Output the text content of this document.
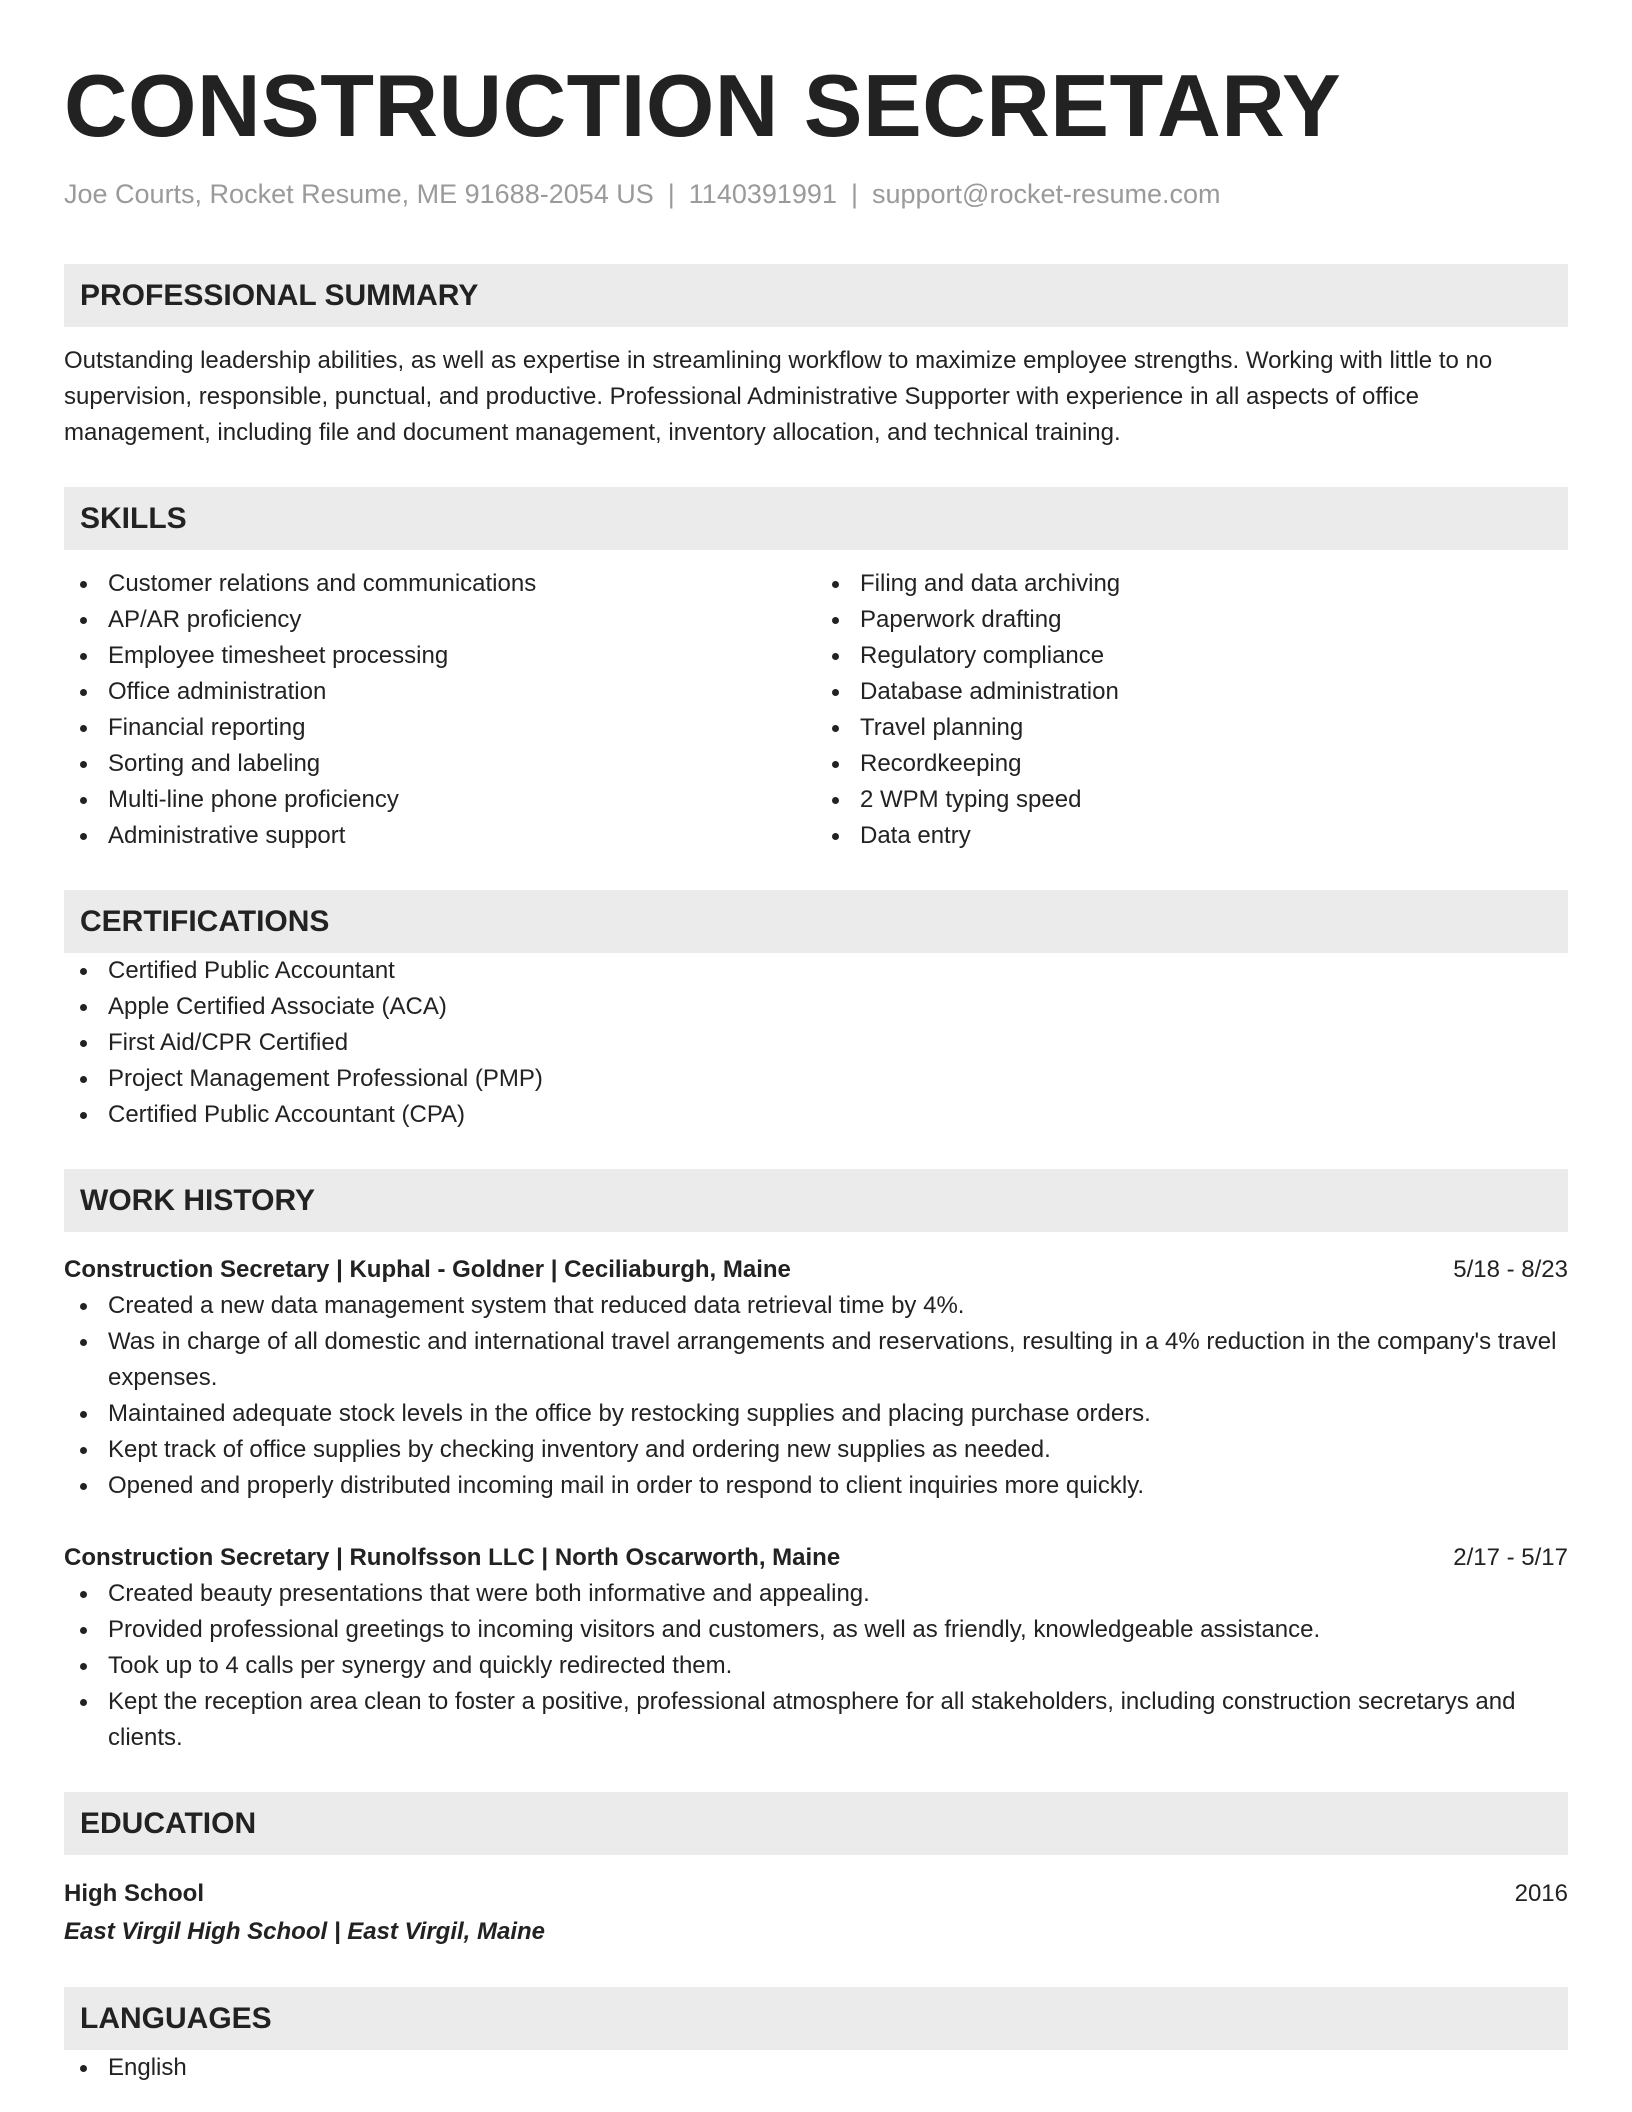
CONSTRUCTION SECRETARY
Joe Courts, Rocket Resume, ME 91688-2054 US | 1140391991 | support@rocket-resume.com
PROFESSIONAL SUMMARY
Outstanding leadership abilities, as well as expertise in streamlining workflow to maximize employee strengths. Working with little to no supervision, responsible, punctual, and productive. Professional Administrative Supporter with experience in all aspects of office management, including file and document management, inventory allocation, and technical training.
SKILLS
Customer relations and communications
AP/AR proficiency
Employee timesheet processing
Office administration
Financial reporting
Sorting and labeling
Multi-line phone proficiency
Administrative support
Filing and data archiving
Paperwork drafting
Regulatory compliance
Database administration
Travel planning
Recordkeeping
2 WPM typing speed
Data entry
CERTIFICATIONS
Certified Public Accountant
Apple Certified Associate (ACA)
First Aid/CPR Certified
Project Management Professional (PMP)
Certified Public Accountant (CPA)
WORK HISTORY
Construction Secretary | Kuphal - Goldner | Ceciliaburgh, Maine	5/18 - 8/23
Created a new data management system that reduced data retrieval time by 4%.
Was in charge of all domestic and international travel arrangements and reservations, resulting in a 4% reduction in the company's travel expenses.
Maintained adequate stock levels in the office by restocking supplies and placing purchase orders.
Kept track of office supplies by checking inventory and ordering new supplies as needed.
Opened and properly distributed incoming mail in order to respond to client inquiries more quickly.
Construction Secretary | Runolfsson LLC | North Oscarworth, Maine	2/17 - 5/17
Created beauty presentations that were both informative and appealing.
Provided professional greetings to incoming visitors and customers, as well as friendly, knowledgeable assistance.
Took up to 4 calls per synergy and quickly redirected them.
Kept the reception area clean to foster a positive, professional atmosphere for all stakeholders, including construction secretarys and clients.
EDUCATION
High School	2016
East Virgil High School | East Virgil, Maine
LANGUAGES
English
